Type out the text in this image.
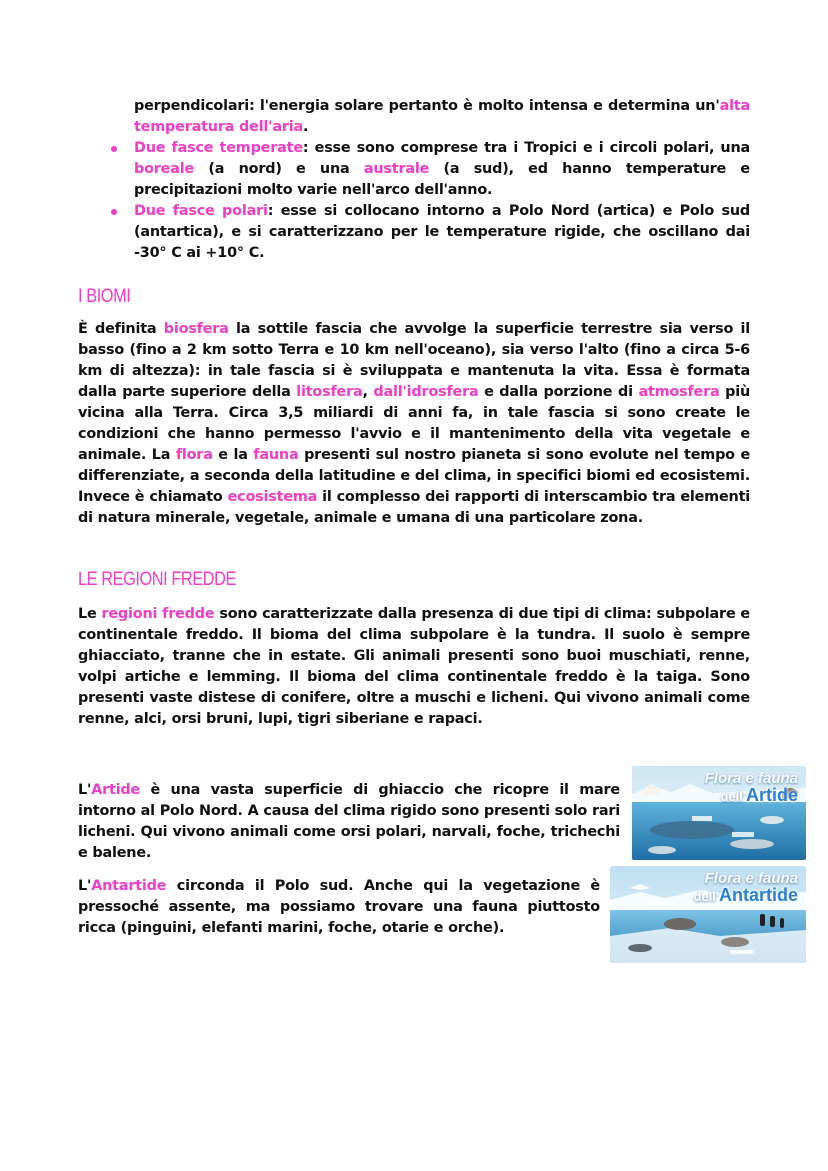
perpendicolari: l'energia solare pertanto è molto intensa e determina un'alta temperatura dell'aria.
Due fasce temperate: esse sono comprese tra i Tropici e i circoli polari, una boreale (a nord) e una australe (a sud), ed hanno temperature e precipitazioni molto varie nell'arco dell'anno.
Due fasce polari: esse si collocano intorno a Polo Nord (artica) e Polo sud (antartica), e si caratterizzano per le temperature rigide, che oscillano dai -30° C ai +10° C.
I BIOMI

È definita biosfera la sottile fascia che avvolge la superficie terrestre sia verso il basso (fino a 2 km sotto Terra e 10 km nell'oceano), sia verso l'alto (fino a circa 5-6 km di altezza): in tale fascia si è sviluppata e mantenuta la vita. Essa è formata dalla parte superiore della litosfera, dall'idrosfera e dalla porzione di atmosfera più vicina alla Terra. Circa 3,5 miliardi di anni fa, in tale fascia si sono create le condizioni che hanno permesso l'avvio e il mantenimento della vita vegetale e animale. La flora e la fauna presenti sul nostro pianeta si sono evolute nel tempo e differenziate, a seconda della latitudine e del clima, in specifici biomi ed ecosistemi. Invece è chiamato ecosistema il complesso dei rapporti di interscambio tra elementi di natura minerale, vegetale, animale e umana di una particolare zona.

LE REGIONI FREDDE

Le regioni fredde sono caratterizzate dalla presenza di due tipi di clima: subpolare e continentale freddo. Il bioma del clima subpolare è la tundra. Il suolo è sempre ghiacciato, tranne che in estate. Gli animali presenti sono buoi muschiati, renne, volpi artiche e lemming. Il bioma del clima continentale freddo è la taiga. Sono presenti vaste distese di conifere, oltre a muschi e licheni. Qui vivono animali come renne, alci, orsi bruni, lupi, tigri siberiane e rapaci.

L'Artide è una vasta superficie di ghiaccio che ricopre il mare intorno al Polo Nord. A causa del clima rigido sono presenti solo rari licheni. Qui vivono animali come orsi polari, narvali, foche, trichechi e balene.

L'Antartide circonda il Polo sud. Anche qui la vegetazione è pressoché assente, ma possiamo trovare una fauna piuttosto ricca (pinguini, elefanti marini, foche, otarie e orche).

Flora e fauna
dell'Artide
Flora e fauna
dell'Antartide
